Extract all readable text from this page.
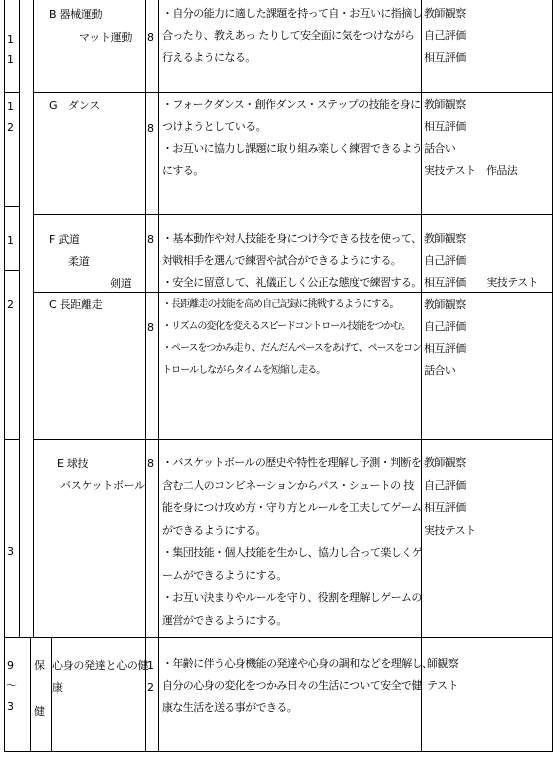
1
1
B 器械運動
マット運動 8
・自分の能力に適した課題を持って自・お互いに指摘し
合ったり、教えあっ たりして安全面に気をつけながら
行えるようになる。
教師観察
自己評価
相互評価
1
2
G　ダンス
8
・フォークダンス・創作ダンス・ステップの技能を身に
つけようとしている。
・お互いに協力し課題に取り組み楽しく練習できるよう
にする。
教師観察
相互評価
話合い
実技テスト　作品法
1	F 武道
柔道
剣道
8 ・基本動作や対人技能を身につけ今できる技を使って、
対戦相手を選んで練習や試合ができるようにする。
・安全に留意して、礼儀正しく公正な態度で練習する。
教師観察
自己評価
相互評価　　実技テスト
2	C 長距離走
8
・長距離走の技能を高め自己記録に挑戦するようにする。
・リズムの変化を変えるスピードコントロール技能をつかむ。
・ペースをつかみ走り、だんだんペースをあげて、ペースをコン
トロールしながらタイムを短縮し走る。
教師観察
自己評価
相互評価
話合い
3
E 球技
バスケットボール
8 ・バスケットボールの歴史や特性を理解し予測・判断を
含む二人のコンビネーションからパス・シュートの 技
能を身につけ攻め方・守り方とルールを工夫してゲーム
ができるようにする。
・集団技能・個人技能を生かし、協力し合って楽しくゲ
ームができるようにする。
・お互い決まりやルールを守り、役割を理解しゲームの
運営ができるようにする。
教師観察
自己評価
相互評価
実技テスト
9
～
3
保
健
心身の発達と心の健
康
1
2
・年齢に伴う心身機能の発達や心身の調和などを理解し、
自分の心身の変化をつかみ日々の生活について安全で健
康な生活を送る事ができる。
師観察
テスト
